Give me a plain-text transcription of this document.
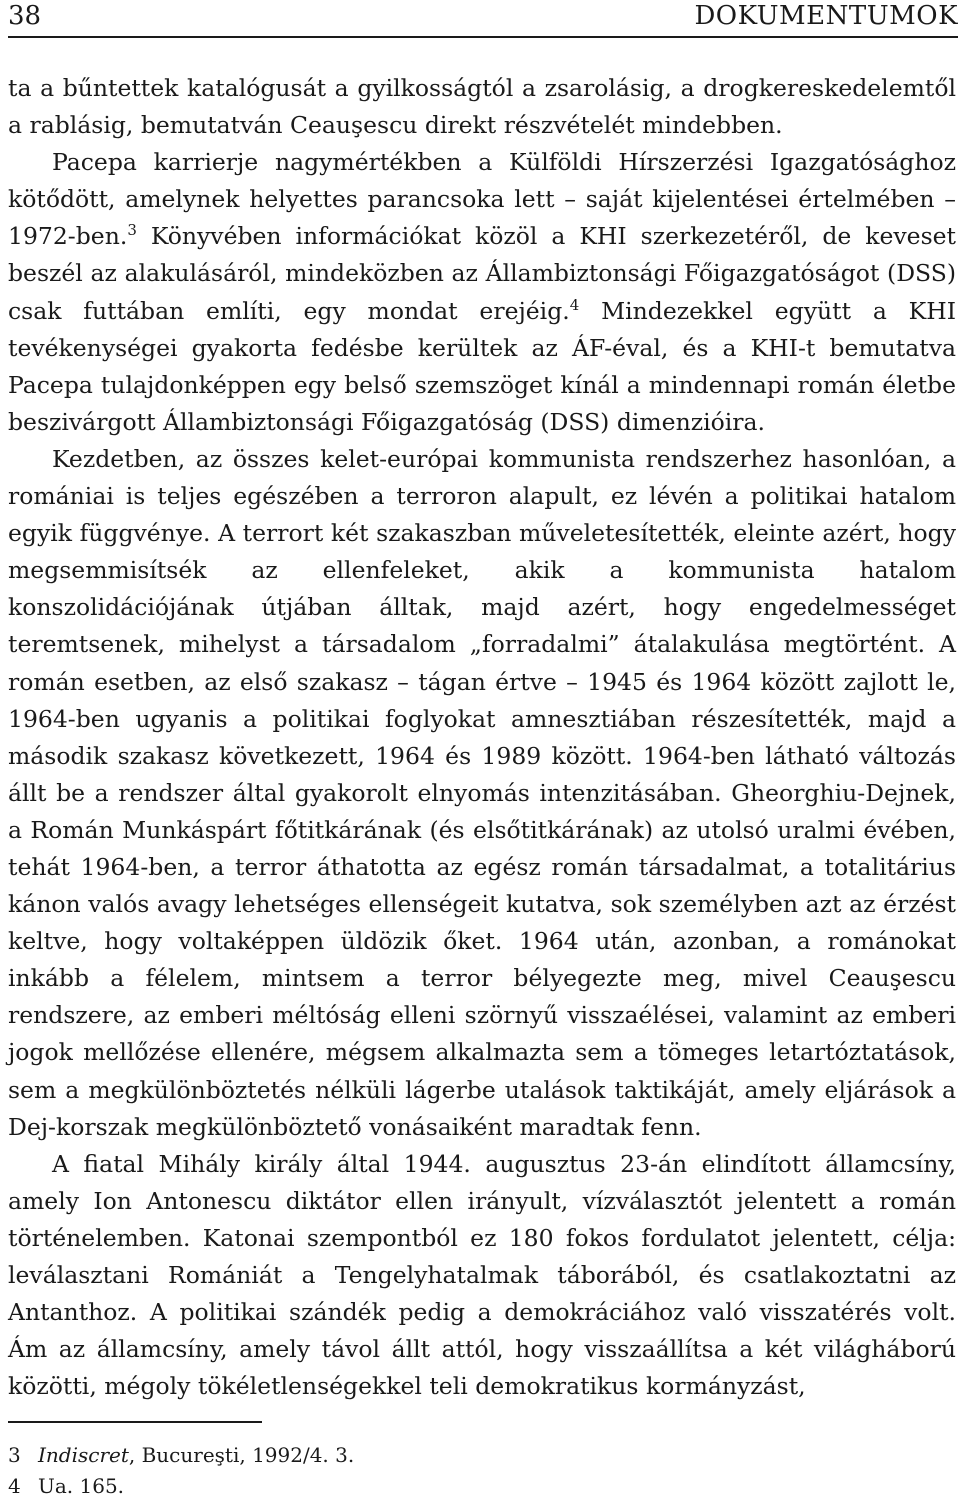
38	DOKUMENTUMOK

ta a bűntettek katalógusát a gyilkosságtól a zsarolásig, a drogkereskedelemtől a rablásig, bemutatván Ceauşescu direkt részvételét mindebben.

Pacepa karrierje nagymértékben a Külföldi Hírszerzési Igazgatósághoz kötődött, amelynek helyettes parancsoka lett – saját kijelentései értelmében – 1972-ben.$^3$ Könyvében információkat közöl a KHI szerkezetéről, de keveset beszél az alakulásáról, mindeközben az Állambiztonsági Főigazgatóságot (DSS) csak futtában említi, egy mondat erejéig.$^4$ Mindezekkel együtt a KHI tevékenységei gyakorta fedésbe kerültek az ÁF-éval, és a KHI-t bemutatva Pacepa tulajdonképpen egy belső szemszöget kínál a mindennapi román életbe beszivárgott Állambiztonsági Főigazgatóság (DSS) dimenzióira.

Kezdetben, az összes kelet-európai kommunista rendszerhez hasonlóan, a romániai is teljes egészében a terroron alapult, ez lévén a politikai hatalom egyik függvénye. A terrort két szakaszban műveletesítették, eleinte azért, hogy megsemmisítsék az ellenfeleket, akik a kommunista hatalom konszolidációjának útjában álltak, majd azért, hogy engedelmességet teremtsenek, mihelyst a társadalom „forradalmi” átalakulása megtörtént. A román esetben, az első szakasz – tágan értve – 1945 és 1964 között zajlott le, 1964-ben ugyanis a politikai foglyokat amnesztiában részesítették, majd a második szakasz következett, 1964 és 1989 között. 1964-ben látható változás állt be a rendszer által gyakorolt elnyomás intenzitásában. Gheorghiu-Dejnek, a Román Munkáspárt főtitkárának (és elsőtitkárának) az utolsó uralmi évében, tehát 1964-ben, a terror áthatotta az egész román társadalmat, a totalitárius kánon valós avagy lehetséges ellenségeit kutatva, sok személyben azt az érzést keltve, hogy voltaképpen üldözik őket. 1964 után, azonban, a románokat inkább a félelem, mintsem a terror bélyegezte meg, mivel Ceauşescu rendszere, az emberi méltóság elleni szörnyű visszaélései, valamint az emberi jogok mellőzése ellenére, mégsem alkalmazta sem a tömeges letartóztatások, sem a megkülönböztetés nélküli lágerbe utalások taktikáját, amely eljárások a Dej-korszak megkülönböztető vonásaiként maradtak fenn.

A fiatal Mihály király által 1944. augusztus 23-án elindított államcsíny, amely Ion Antonescu diktátor ellen irányult, vízválasztót jelentett a román történelemben. Katonai szempontból ez 180 fokos fordulatot jelentett, célja: leválasztani Romániát a Tengelyhatalmak táborából, és csatlakoztatni az Antanthoz. A politikai szándék pedig a demokráciához való visszatérés volt. Ám az államcsíny, amely távol állt attól, hogy visszaállítsa a két világháború közötti, mégoly tökéletlenségekkel teli demokratikus kormányzást,

3 Indiscret, Bucureşti, 1992/4. 3.
4 Ua. 165.
